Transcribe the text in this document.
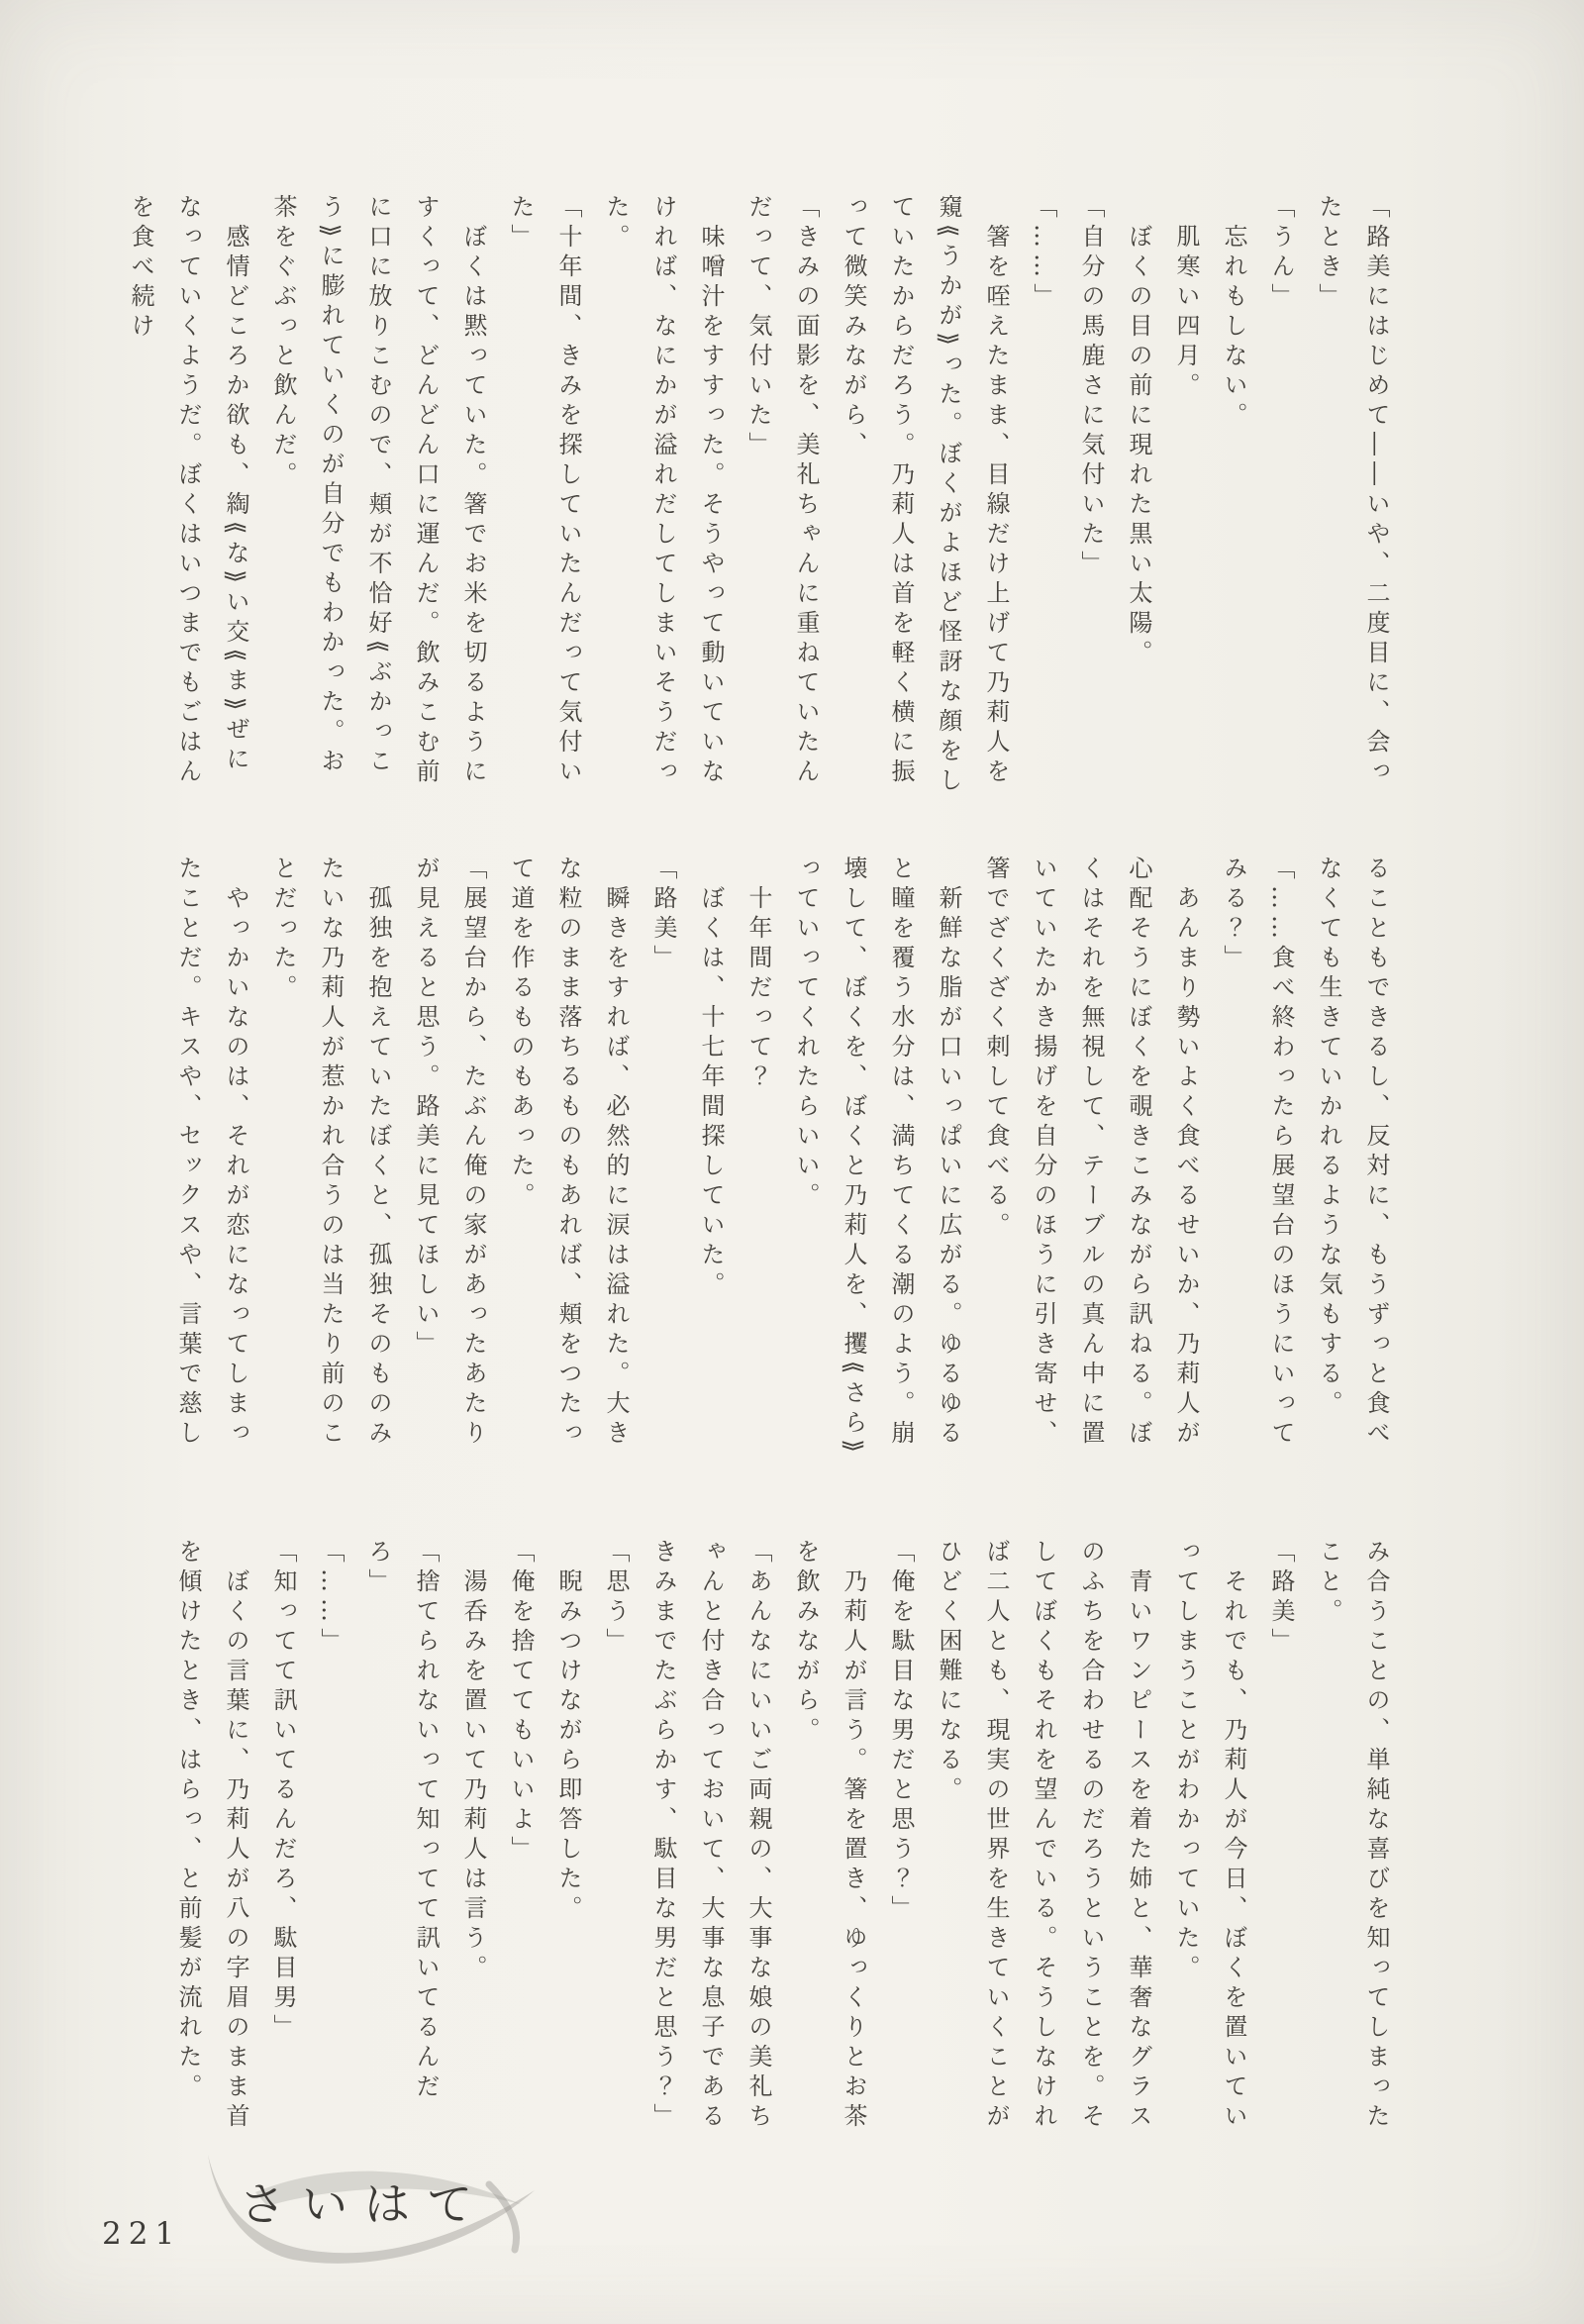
「路美にはじめて――いや、二度目に、会ったとき」
「うん」
　忘れもしない。
　肌寒い四月。
　ぼくの目の前に現れた黒い太陽。
「自分の馬鹿さに気付いた」
「……」
　箸を咥えたまま、目線だけ上げて乃莉人を窺⟪うかが⟫った。ぼくがよほど怪訝な顔をしていたからだろう。乃莉人は首を軽く横に振って微笑みながら、
「きみの面影を、美礼ちゃんに重ねていたんだって、気付いた」
　味噌汁をすすった。そうやって動いていなければ、なにかが溢れだしてしまいそうだった。
「十年間、きみを探していたんだって気付いた」
　ぼくは黙っていた。箸でお米を切るようにすくって、どんどん口に運んだ。飲みこむ前に口に放りこむので、頬が不恰好⟪ぶかっこう⟫に膨れていくのが自分でもわかった。お茶をぐぶっと飲んだ。
　感情どころか欲も、綯⟪な⟫い交⟪ま⟫ぜになっていくようだ。ぼくはいつまでもごはんを食べ続け
ることもできるし、反対に、もうずっと食べなくても生きていかれるような気もする。
「……食べ終わったら展望台のほうにいってみる？」
　あんまり勢いよく食べるせいか、乃莉人が心配そうにぼくを覗きこみながら訊ねる。ぼくはそれを無視して、テーブルの真ん中に置いていたかき揚げを自分のほうに引き寄せ、箸でざくざく刺して食べる。
　新鮮な脂が口いっぱいに広がる。ゆるゆると瞳を覆う水分は、満ちてくる潮のよう。崩壊して、ぼくを、ぼくと乃莉人を、攫⟪さら⟫っていってくれたらいい。
　十年間だって？
　ぼくは、十七年間探していた。
「路美」
　瞬きをすれば、必然的に涙は溢れた。大きな粒のまま落ちるものもあれば、頬をつたって道を作るものもあった。
「展望台から、たぶん俺の家があったあたりが見えると思う。路美に見てほしい」
　孤独を抱えていたぼくと、孤独そのものみたいな乃莉人が惹かれ合うのは当たり前のことだった。
　やっかいなのは、それが恋になってしまったことだ。キスや、セックスや、言葉で慈し
み合うことの、単純な喜びを知ってしまったこと。
「路美」
　それでも、乃莉人が今日、ぼくを置いていってしまうことがわかっていた。
　青いワンピースを着た姉と、華奢なグラスのふちを合わせるのだろうということを。そしてぼくもそれを望んでいる。そうしなければ二人とも、現実の世界を生きていくことがひどく困難になる。
「俺を駄目な男だと思う？」
　乃莉人が言う。箸を置き、ゆっくりとお茶を飲みながら。
「あんなにいいご両親の、大事な娘の美礼ちゃんと付き合っておいて、大事な息子であるきみまでたぶらかす、駄目な男だと思う？」
「思う」
　睨みつけながら即答した。
「俺を捨ててもいいよ」
　湯呑みを置いて乃莉人は言う。
「捨てられないって知ってて訊いてるんだろ」
「……」
「知ってて訊いてるんだろ、駄目男」
　ぼくの言葉に、乃莉人が八の字眉のまま首を傾けたとき、はらっ、と前髪が流れた。
さいはて
221
